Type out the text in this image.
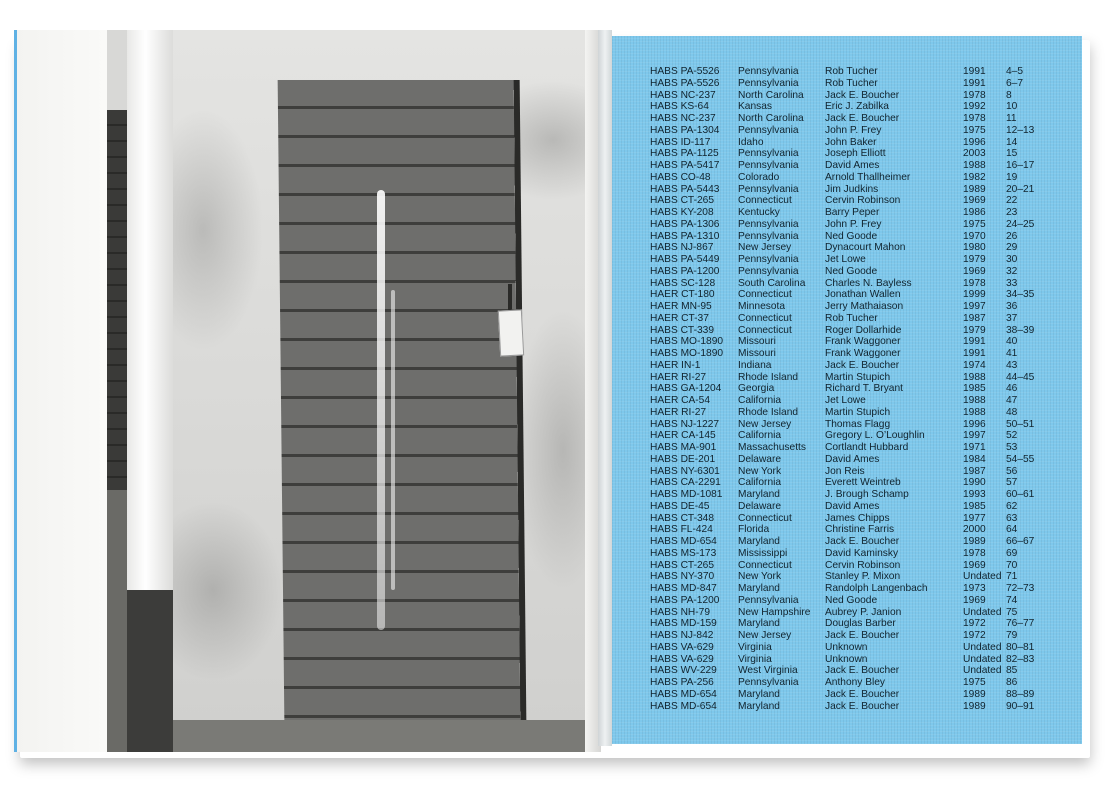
HABS PA-5526	Pennsylvania	Rob Tucher	1991	4–5
HABS PA-5526	Pennsylvania	Rob Tucher	1991	6–7
HABS NC-237	North Carolina	Jack E. Boucher	1978	8
HABS KS-64	Kansas	Eric J. Zabilka	1992	10
HABS NC-237	North Carolina	Jack E. Boucher	1978	11
HABS PA-1304	Pennsylvania	John P. Frey	1975	12–13
HABS ID-117	Idaho	John Baker	1996	14
HABS PA-1125	Pennsylvania	Joseph Elliott	2003	15
HABS PA-5417	Pennsylvania	David Ames	1988	16–17
HABS CO-48	Colorado	Arnold Thallheimer	1982	19
HABS PA-5443	Pennsylvania	Jim Judkins	1989	20–21
HABS CT-265	Connecticut	Cervin Robinson	1969	22
HABS KY-208	Kentucky	Barry Peper	1986	23
HABS PA-1306	Pennsylvania	John P. Frey	1975	24–25
HABS PA-1310	Pennsylvania	Ned Goode	1970	26
HABS NJ-867	New Jersey	Dynacourt Mahon	1980	29
HABS PA-5449	Pennsylvania	Jet Lowe	1979	30
HABS PA-1200	Pennsylvania	Ned Goode	1969	32
HABS SC-128	South Carolina	Charles N. Bayless	1978	33
HAER CT-180	Connecticut	Jonathan Wallen	1999	34–35
HAER MN-95	Minnesota	Jerry Mathaiason	1997	36
HAER CT-37	Connecticut	Rob Tucher	1987	37
HABS CT-339	Connecticut	Roger Dollarhide	1979	38–39
HABS MO-1890	Missouri	Frank Waggoner	1991	40
HABS MO-1890	Missouri	Frank Waggoner	1991	41
HAER IN-1	Indiana	Jack E. Boucher	1974	43
HAER RI-27	Rhode Island	Martin Stupich	1988	44–45
HABS GA-1204	Georgia	Richard T. Bryant	1985	46
HAER CA-54	California	Jet Lowe	1988	47
HAER RI-27	Rhode Island	Martin Stupich	1988	48
HABS NJ-1227	New Jersey	Thomas Flagg	1996	50–51
HAER CA-145	California	Gregory L. O’Loughlin	1997	52
HABS MA-901	Massachusetts	Cortlandt Hubbard	1971	53
HABS DE-201	Delaware	David Ames	1984	54–55
HABS NY-6301	New York	Jon Reis	1987	56
HABS CA-2291	California	Everett Weintreb	1990	57
HABS MD-1081	Maryland	J. Brough Schamp	1993	60–61
HABS DE-45	Delaware	David Ames	1985	62
HABS CT-348	Connecticut	James Chipps	1977	63
HABS FL-424	Florida	Christine Farris	2000	64
HABS MD-654	Maryland	Jack E. Boucher	1989	66–67
HABS MS-173	Mississippi	David Kaminsky	1978	69
HABS CT-265	Connecticut	Cervin Robinson	1969	70
HABS NY-370	New York	Stanley P. Mixon	Undated	71
HABS MD-847	Maryland	Randolph Langenbach	1973	72–73
HABS PA-1200	Pennsylvania	Ned Goode	1969	74
HABS NH-79	New Hampshire	Aubrey P. Janion	Undated	75
HABS MD-159	Maryland	Douglas Barber	1972	76–77
HABS NJ-842	New Jersey	Jack E. Boucher	1972	79
HABS VA-629	Virginia	Unknown	Undated	80–81
HABS VA-629	Virginia	Unknown	Undated	82–83
HABS WV-229	West Virginia	Jack E. Boucher	Undated	85
HABS PA-256	Pennsylvania	Anthony Bley	1975	86
HABS MD-654	Maryland	Jack E. Boucher	1989	88–89
HABS MD-654	Maryland	Jack E. Boucher	1989	90–91
